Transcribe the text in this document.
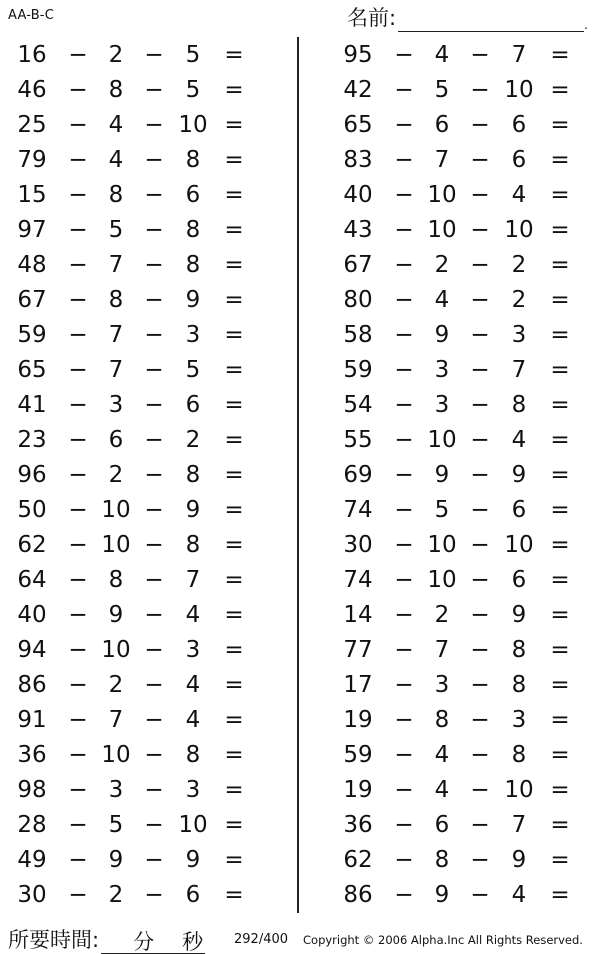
AA-B-C	名前:	.
16 − 2 − 5	=
46 − 8 − 5	=
25 − 4 − 10 =
79 − 4 − 8	=
15 − 8 − 6	=
97 − 5 − 8	=
48 − 7 − 8	=
67 − 8 − 9	=
59 − 7 − 3	=
65 − 7 − 5	=
41 − 3 − 6	=
23 − 6 − 2	=
96 − 2 − 8	=
50 − 10 − 9	=
62 − 10 − 8	=
64 − 8 − 7	=
40 − 9 − 4	=
94 − 10 − 3	=
86 − 2 − 4	=
91 − 7 − 4	=
36 − 10 − 8	=
98 − 3 − 3	=
28 − 5 − 10 =
49 − 9 − 9	=
30 − 2 − 6	=
95 − 4 − 7	=
42 − 5 − 10 =
65 − 6 − 6	=
83 − 7 − 6	=
40 − 10 − 4	=
43 − 10 − 10 =
67 − 2 − 2	=
80 − 4 − 2	=
58 − 9 − 3	=
59 − 3 − 7	=
54 − 3 − 8	=
55 − 10 − 4	=
69 − 9 − 9	=
74 − 5 − 6	=
30 − 10 − 10 =
74 − 10 − 6	=
14 − 2 − 9	=
77 − 7 − 8	=
17 − 3 − 8	=
19 − 8 − 3	=
59 − 4 − 8	=
19 − 4 − 10 =
36 − 6 − 7	=
62 − 8 − 9	=
86 − 9 − 4	=
所要時間: 分 秒 292/400 Copyright © 2006 Alpha.Inc All Rights Reserved.
